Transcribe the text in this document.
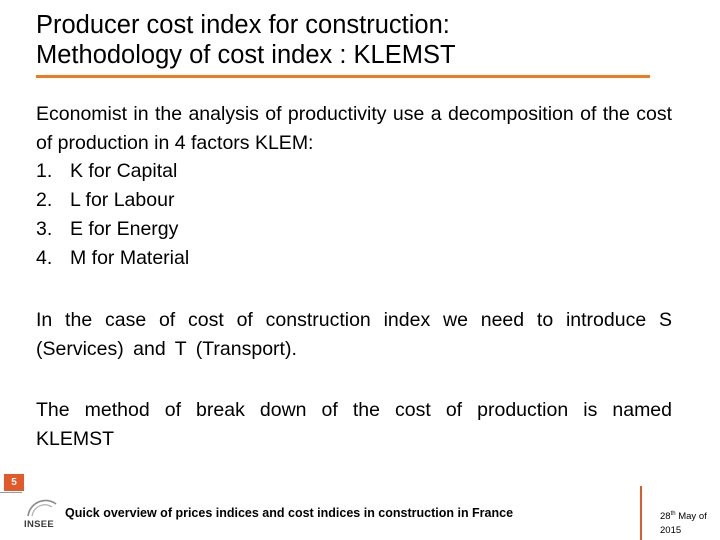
Producer cost index for construction:
Methodology of cost index : KLEMST
Economist in the analysis of productivity use a decomposition of the cost of production in 4 factors KLEM:
1. K for Capital
2. L for Labour
3. E for Energy
4. M for Material
In the case of cost of construction index we need to introduce S (Services) and T (Transport).
The method of break down of the cost of production is named KLEMST
5
INSEE
Quick overview of prices indices and cost indices in construction in France	28th May of 2015
